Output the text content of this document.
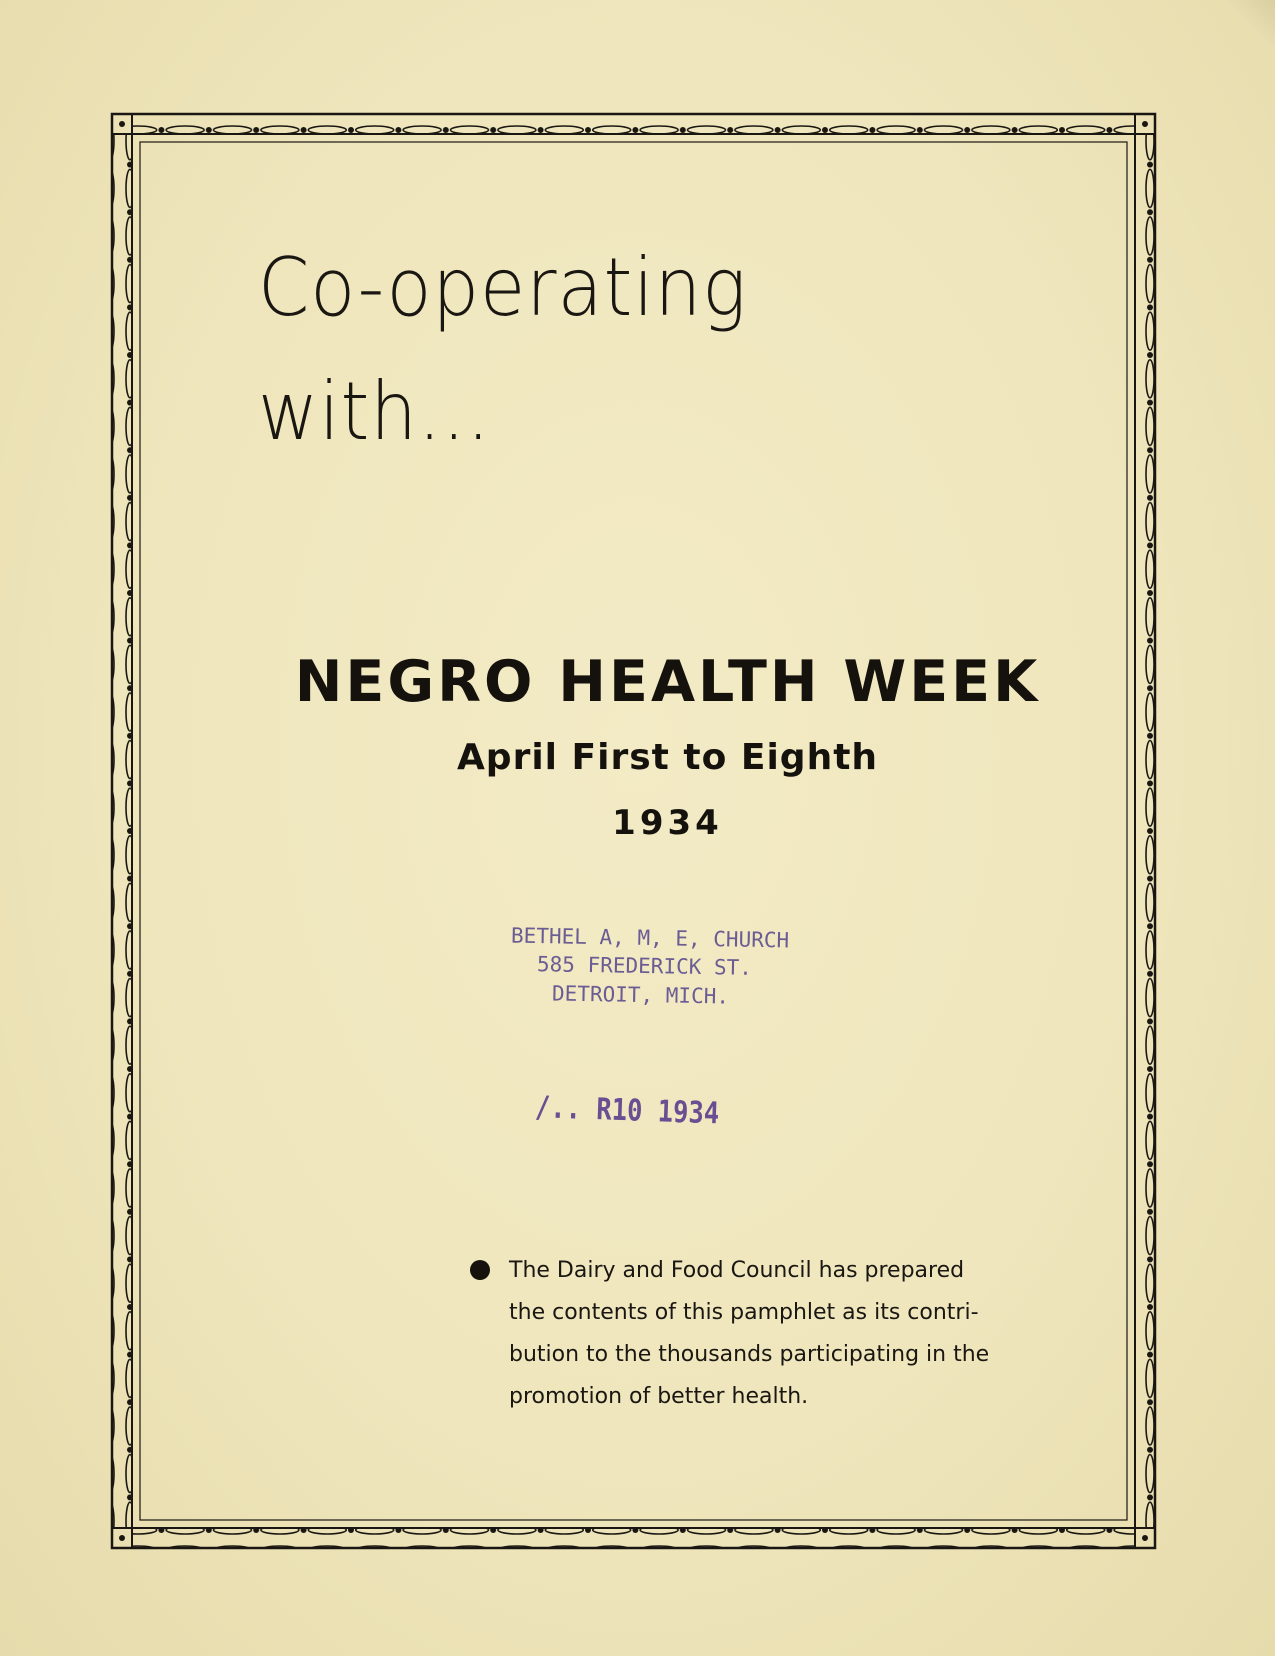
Co-operating
with...
NEGRO HEALTH WEEK
April First to Eighth
1934
BETHEL A, M, E, CHURCH
585 FREDERICK ST.
DETROIT, MICH.
/.. R10 1934

The Dairy and Food Council has prepared
the contents of this pamphlet as its contri-
bution to the thousands participating in the
promotion of better health.
